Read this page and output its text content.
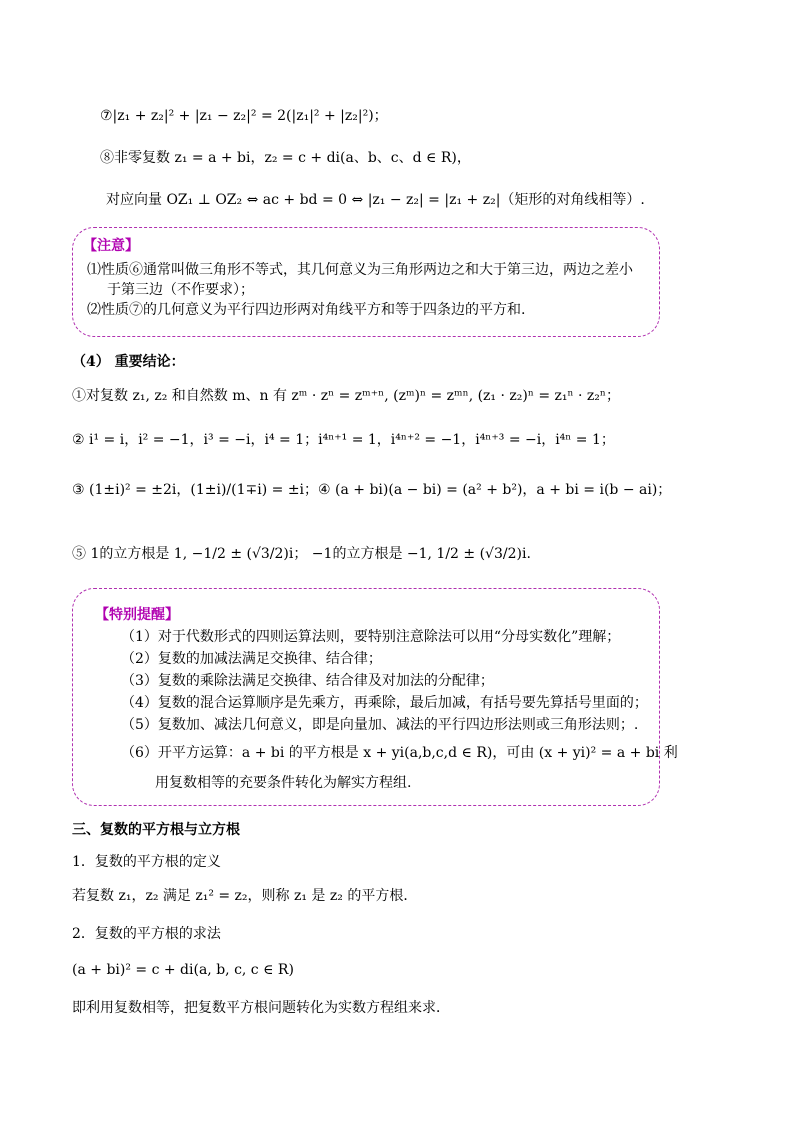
⑦|z₁ + z₂|² + |z₁ − z₂|² = 2(|z₁|² + |z₂|²)；
⑧非零复数 z₁ = a + bi，z₂ = c + di(a、b、c、d ∈ R)，
对应向量 OZ₁ ⊥ OZ₂ ⇔ ac + bd = 0 ⇔ |z₁ − z₂| = |z₁ + z₂|（矩形的对角线相等）.
【注意】
⑴性质⑥通常叫做三角形不等式，其几何意义为三角形两边之和大于第三边，两边之差小
于第三边（不作要求）；
⑵性质⑦的几何意义为平行四边形两对角线平方和等于四条边的平方和.
（4） 重要结论：
①对复数 z₁, z₂ 和自然数 m、n 有 zᵐ · zⁿ = zᵐ⁺ⁿ, (zᵐ)ⁿ = zᵐⁿ, (z₁ · z₂)ⁿ = z₁ⁿ · z₂ⁿ；
② i¹ = i，i² = −1，i³ = −i，i⁴ = 1；i⁴ⁿ⁺¹ = 1，i⁴ⁿ⁺² = −1，i⁴ⁿ⁺³ = −i，i⁴ⁿ = 1；
③ (1±i)² = ±2i，(1±i)/(1∓i) = ±i；④ (a + bi)(a − bi) = (a² + b²)，a + bi = i(b − ai)；
⑤ 1的立方根是 1, −1/2 ± (√3/2)i； −1的立方根是 −1, 1/2 ± (√3/2)i.
【特别提醒】
（1）对于代数形式的四则运算法则，要特别注意除法可以用“分母实数化”理解；
（2）复数的加减法满足交换律、结合律；
（3）复数的乘除法满足交换律、结合律及对加法的分配律；
（4）复数的混合运算顺序是先乘方，再乘除，最后加减，有括号要先算括号里面的；
（5）复数加、减法几何意义，即是向量加、减法的平行四边形法则或三角形法则；.
（6）开平方运算：a + bi 的平方根是 x + yi(a,b,c,d ∈ R)，可由 (x + yi)² = a + bi 利
用复数相等的充要条件转化为解实方程组.
三、复数的平方根与立方根
1．复数的平方根的定义
若复数 z₁，z₂ 满足 z₁² = z₂，则称 z₁ 是 z₂ 的平方根．
2．复数的平方根的求法
(a + bi)² = c + di(a, b, c, c ∈ R)
即利用复数相等，把复数平方根问题转化为实数方程组来求．
